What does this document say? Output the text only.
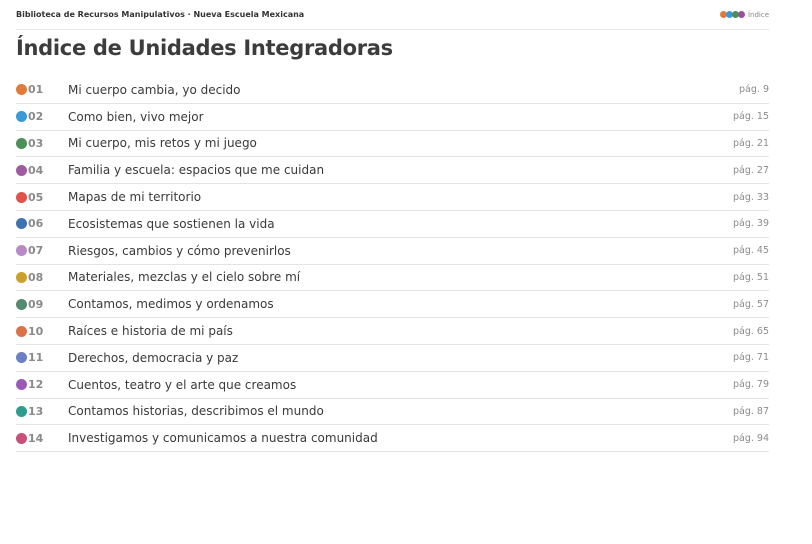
Biblioteca de Recursos Manipulativos · Nueva Escuela Mexicana	Índice
Índice de Unidades Integradoras
01	Mi cuerpo cambia, yo decido	pág. 9
02	Como bien, vivo mejor	pág. 15
03	Mi cuerpo, mis retos y mi juego	pág. 21
04	Familia y escuela: espacios que me cuidan	pág. 27
05	Mapas de mi territorio	pág. 33
06	Ecosistemas que sostienen la vida	pág. 39
07	Riesgos, cambios y cómo prevenirlos	pág. 45
08	Materiales, mezclas y el cielo sobre mí	pág. 51
09	Contamos, medimos y ordenamos	pág. 57
10	Raíces e historia de mi país	pág. 65
11	Derechos, democracia y paz	pág. 71
12	Cuentos, teatro y el arte que creamos	pág. 79
13	Contamos historias, describimos el mundo	pág. 87
14	Investigamos y comunicamos a nuestra comunidad	pág. 94
